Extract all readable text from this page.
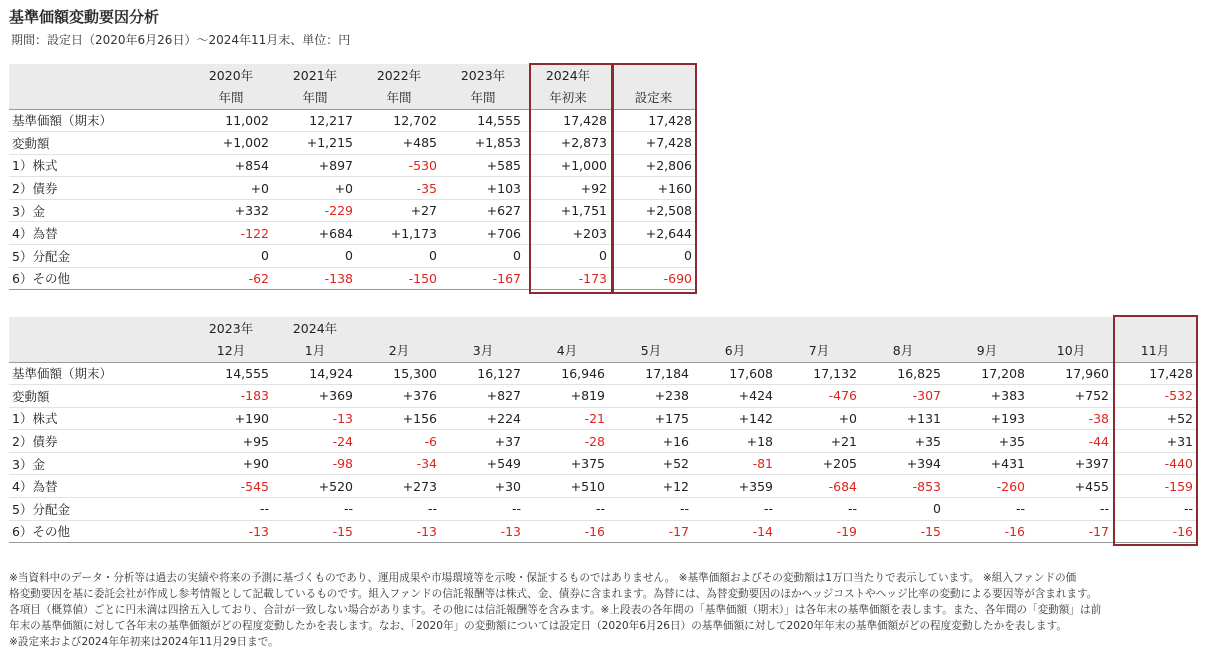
基準価額変動要因分析
期間：設定日（2020年6月26日）～2024年11月末、単位：円
	2020年	2021年	2022年	2023年	2024年	
	年間	年間	年間	年間	年初来	設定来
基準価額（期末）	11,002	12,217	12,702	14,555	17,428	17,428
変動額	+1,002	+1,215	+485	+1,853	+2,873	+7,428
1）株式	+854	+897	-530	+585	+1,000	+2,806
2）債券	+0	+0	-35	+103	+92	+160
3）金	+332	-229	+27	+627	+1,751	+2,508
4）為替	-122	+684	+1,173	+706	+203	+2,644
5）分配金	0	0	0	0	0	0
6）その他	-62	-138	-150	-167	-173	-690
	2023年	2024年										
	12月	1月	2月	3月	4月	5月	6月	7月	8月	9月	10月	11月
基準価額（期末）	14,555	14,924	15,300	16,127	16,946	17,184	17,608	17,132	16,825	17,208	17,960	17,428
変動額	-183	+369	+376	+827	+819	+238	+424	-476	-307	+383	+752	-532
1）株式	+190	-13	+156	+224	-21	+175	+142	+0	+131	+193	-38	+52
2）債券	+95	-24	-6	+37	-28	+16	+18	+21	+35	+35	-44	+31
3）金	+90	-98	-34	+549	+375	+52	-81	+205	+394	+431	+397	-440
4）為替	-545	+520	+273	+30	+510	+12	+359	-684	-853	-260	+455	-159
5）分配金	--	--	--	--	--	--	--	--	0	--	--	--
6）その他	-13	-15	-13	-13	-16	-17	-14	-19	-15	-16	-17	-16

※当資料中のデータ・分析等は過去の実績や将来の予測に基づくものであり、運用成果や市場環境等を示唆・保証するものではありません。 ※基準価額およびその変動額は1万口当たりで表示しています。 ※組入ファンドの価

格変動要因を基に委託会社が作成し参考情報として記載しているものです。組入ファンドの信託報酬等は株式、金、債券に含まれます。為替には、為替変動要因のほかヘッジコストやヘッジ比率の変動による要因等が含まれます。

各項目（概算値）ごとに円未満は四捨五入しており、合計が一致しない場合があります。その他には信託報酬等を含みます。※上段表の各年間の「基準価額（期末）」は各年末の基準価額を表します。また、各年間の「変動額」は前

年末の基準価額に対して各年末の基準価額がどの程度変動したかを表します。なお、「2020年」の変動額については設定日（2020年6月26日）の基準価額に対して2020年年末の基準価額がどの程度変動したかを表します。

※設定来および2024年年初来は2024年11月29日まで。
